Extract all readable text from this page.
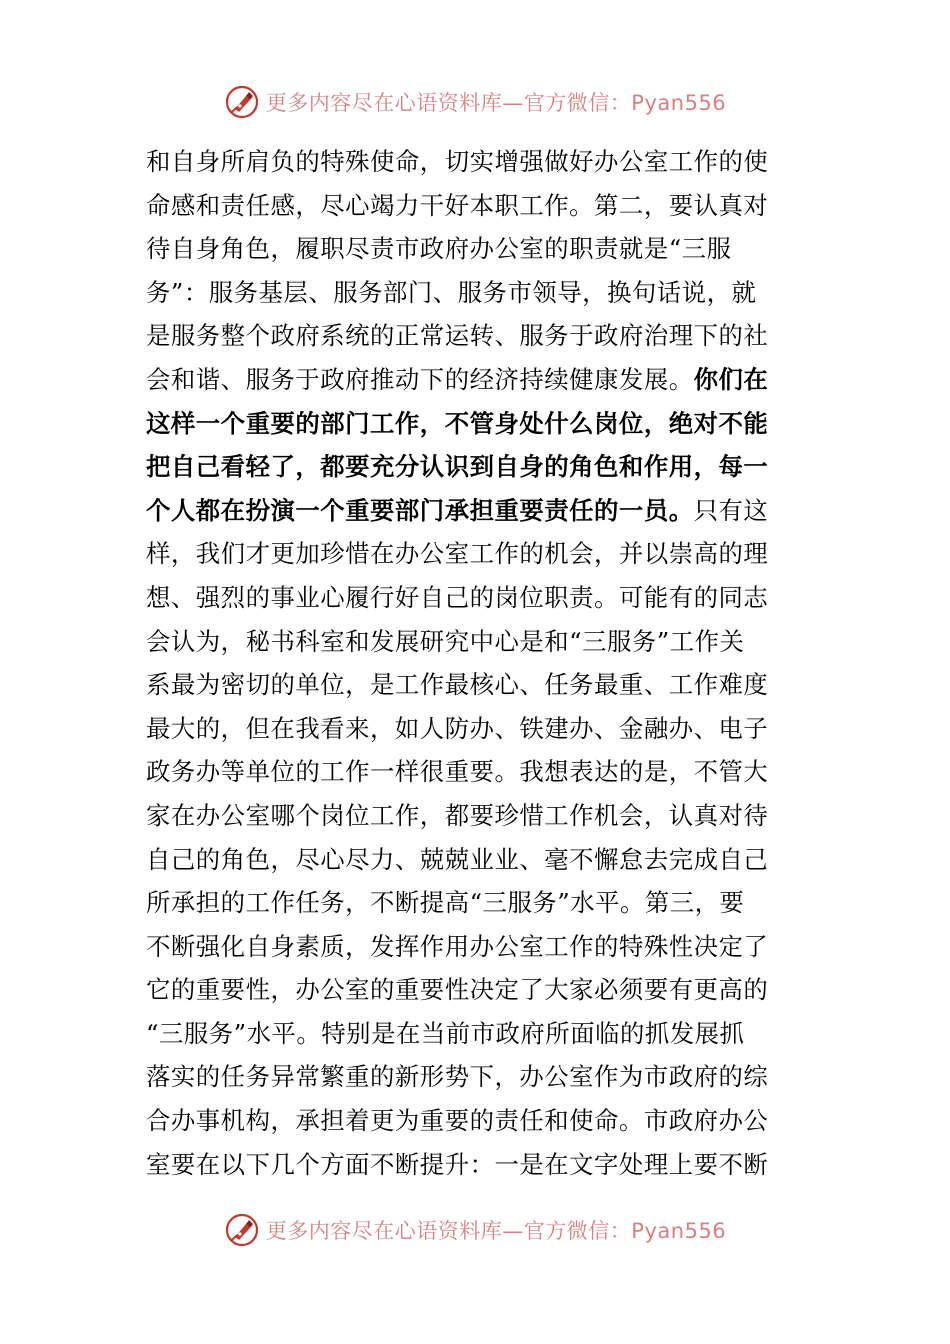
更多内容尽在心语资料库—官方微信：Pyan556
和自身所肩负的特殊使命，切实增强做好办公室工作的使
命感和责任感，尽心竭力干好本职工作。第二，要认真对
待自身角色，履职尽责市政府办公室的职责就是“三服
务”：服务基层、服务部门、服务市领导，换句话说，就
是服务整个政府系统的正常运转、服务于政府治理下的社
会和谐、服务于政府推动下的经济持续健康发展。你们在
这样一个重要的部门工作，不管身处什么岗位，绝对不能
把自己看轻了，都要充分认识到自身的角色和作用，每一
个人都在扮演一个重要部门承担重要责任的一员。只有这
样，我们才更加珍惜在办公室工作的机会，并以崇高的理
想、强烈的事业心履行好自己的岗位职责。可能有的同志
会认为，秘书科室和发展研究中心是和“三服务”工作关
系最为密切的单位，是工作最核心、任务最重、工作难度
最大的，但在我看来，如人防办、铁建办、金融办、电子
政务办等单位的工作一样很重要。我想表达的是，不管大
家在办公室哪个岗位工作，都要珍惜工作机会，认真对待
自己的角色，尽心尽力、兢兢业业、毫不懈怠去完成自己
所承担的工作任务，不断提高“三服务”水平。第三，要
不断强化自身素质，发挥作用办公室工作的特殊性决定了
它的重要性，办公室的重要性决定了大家必须要有更高的
“三服务”水平。特别是在当前市政府所面临的抓发展抓
落实的任务异常繁重的新形势下，办公室作为市政府的综
合办事机构，承担着更为重要的责任和使命。市政府办公
室要在以下几个方面不断提升：一是在文字处理上要不断
更多内容尽在心语资料库—官方微信：Pyan556
